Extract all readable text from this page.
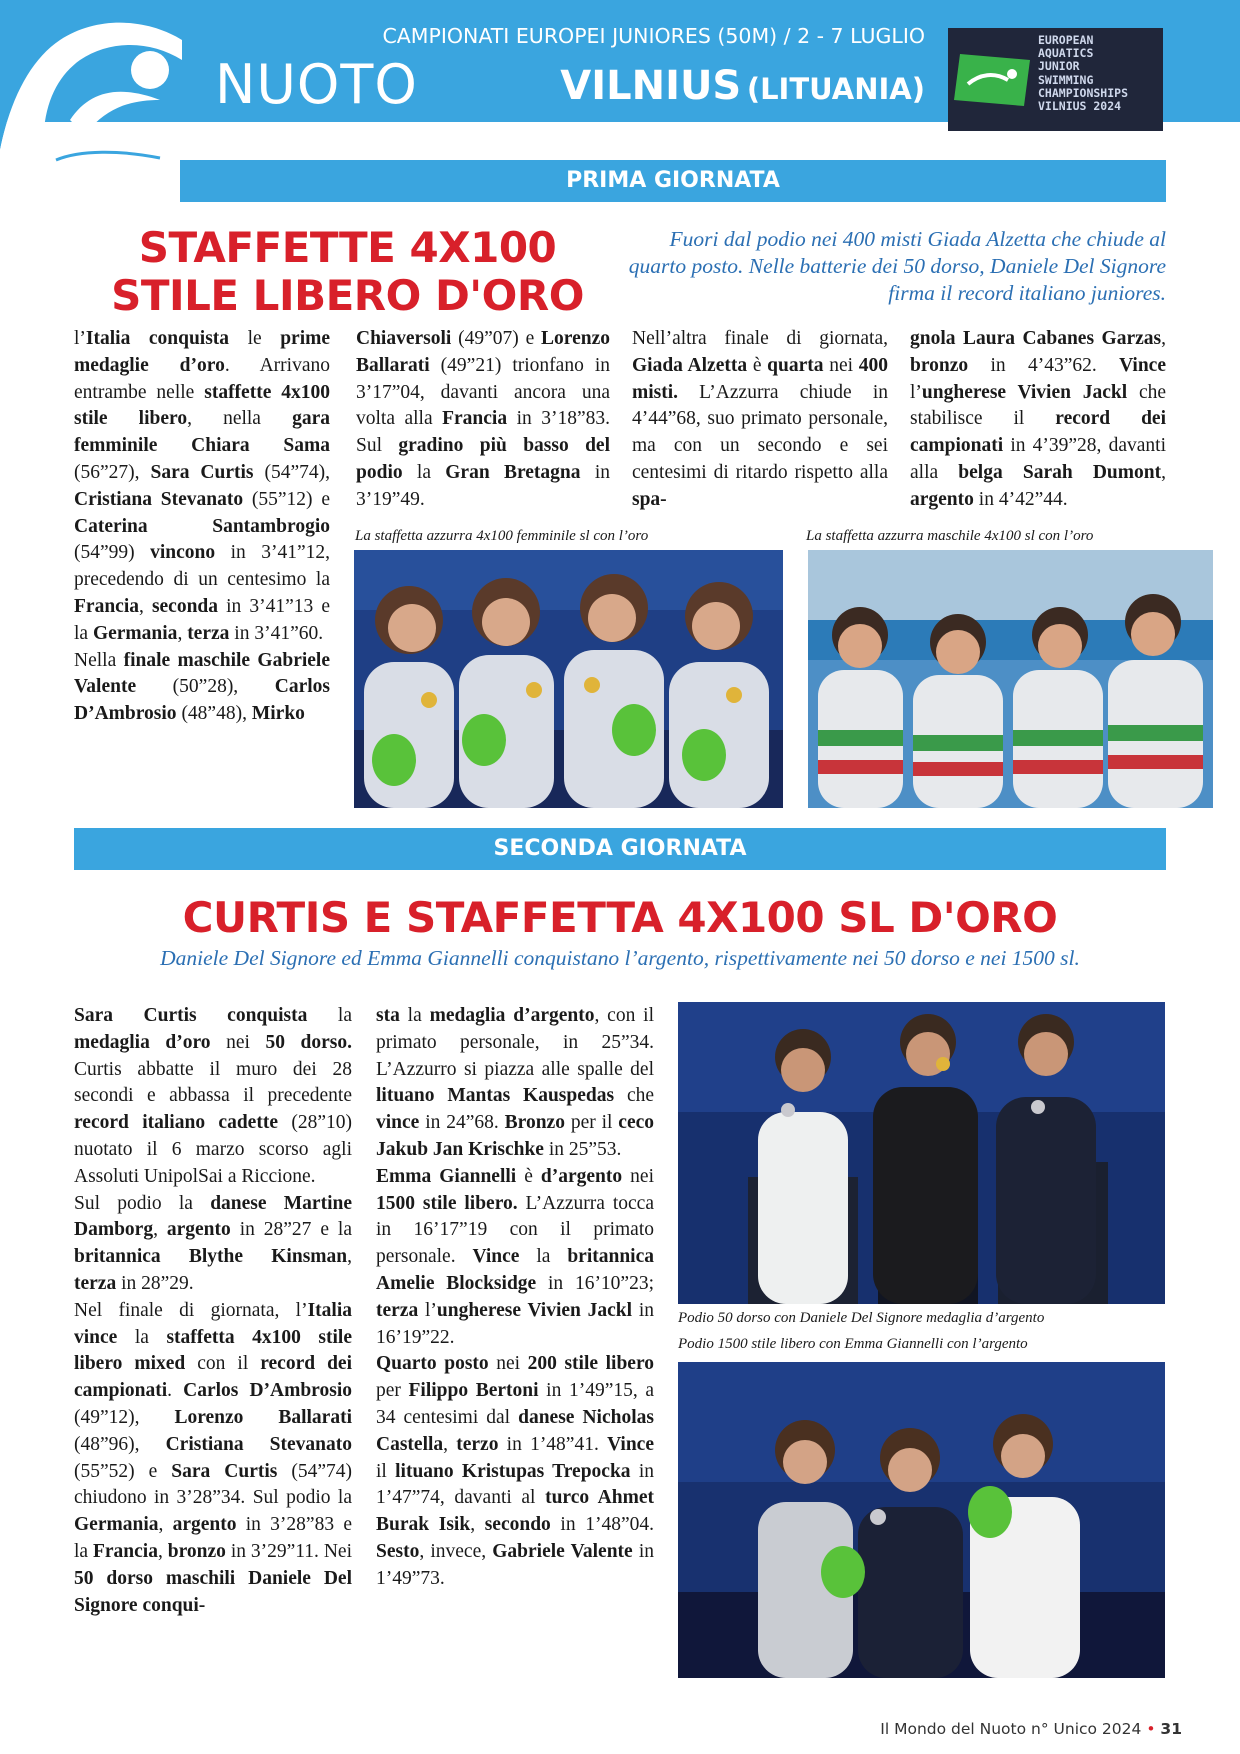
NUOTO
CAMPIONATI EUROPEI JUNIORES (50M) / 2 - 7 LUGLIO
VILNIUS (LITUANIA)
EUROPEAN
AQUATICS
JUNIOR
SWIMMING
CHAMPIONSHIPS
VILNIUS 2024
PRIMA GIORNATA
STAFFETTE 4X100 STILE LIBERO D'ORO
Fuori dal podio nei 400 misti Giada Alzetta che chiude al quarto posto. Nelle batterie dei 50 dorso, Daniele Del Signore firma il record italiano juniores.

l’Italia conquista le prime medaglie d’oro. Arrivano entrambe nelle staffette 4x100 stile libero, nella gara femminile Chiara Sama (56”27), Sara Curtis (54”74), Cristiana Stevanato (55”12) e Caterina Santambrogio (54”99) vincono in 3’41”12, precedendo di un centesimo la Francia, seconda in 3’41”13 e la Germania, terza in 3’41”60.

Nella finale maschile Gabriele Valente (50”28), Carlos D’Ambrosio (48”48), Mirko

Chiaversoli (49”07) e Lorenzo Ballarati (49”21) trionfano in 3’17”04, davanti ancora una volta alla Francia in 3’18”83. Sul gradino più basso del podio la Gran Bretagna in 3’19”49.

Nell’altra finale di giornata, Giada Alzetta è quarta nei 400 misti. L’Azzurra chiude in 4’44”68, suo primato personale, ma con un secondo e sei centesimi di ritardo rispetto alla spa-

gnola Laura Cabanes Garzas, bronzo in 4’43”62. Vince l’ungherese Vivien Jackl che stabilisce il record dei campionati in 4’39”28, davanti alla belga Sarah Dumont, argento in 4’42”44.

La staffetta azzurra 4x100 femminile sl con l’oro	La staffetta azzurra maschile 4x100 sl con l’oro
SECONDA GIORNATA
CURTIS E STAFFETTA 4X100 SL D'ORO
Daniele Del Signore ed Emma Giannelli conquistano l’argento, rispettivamente nei 50 dorso e nei 1500 sl.

Sara Curtis conquista la medaglia d’oro nei 50 dorso. Curtis abbatte il muro dei 28 secondi e abbassa il precedente record italiano cadette (28”10) nuotato il 6 marzo scorso agli Assoluti UnipolSai a Riccione.

Sul podio la danese Martine Damborg, argento in 28”27 e la britannica Blythe Kinsman, terza in 28”29.

Nel finale di giornata, l’Italia vince la staffetta 4x100 stile libero mixed con il record dei campionati. Carlos D’Ambrosio (49”12), Lorenzo Ballarati (48”96), Cristiana Stevanato (55”52) e Sara Curtis (54”74) chiudono in 3’28”34. Sul podio la Germania, argento in 3’28”83 e la Francia, bronzo in 3’29”11. Nei 50 dorso maschili Daniele Del Signore conqui-

sta la medaglia d’argento, con il primato personale, in 25”34. L’Azzurro si piazza alle spalle del lituano Mantas Kauspedas che vince in 24”68. Bronzo per il ceco Jakub Jan Krischke in 25”53.

Emma Giannelli è d’argento nei 1500 stile libero. L’Azzurra tocca in 16’17”19 con il primato personale. Vince la britannica Amelie Blocksidge in 16’10”23; terza l’ungherese Vivien Jackl in 16’19”22.

Quarto posto nei 200 stile libero per Filippo Bertoni in 1’49”15, a 34 centesimi dal danese Nicholas Castella, terzo in 1’48”41. Vince il lituano Kristupas Trepocka in 1’47”74, davanti al turco Ahmet Burak Isik, secondo in 1’48”04. Sesto, invece, Gabriele Valente in 1’49”73.

Podio 50 dorso con Daniele Del Signore medaglia d’argento
Podio 1500 stile libero con Emma Giannelli con l’argento
Il Mondo del Nuoto n° Unico 2024 • 31
